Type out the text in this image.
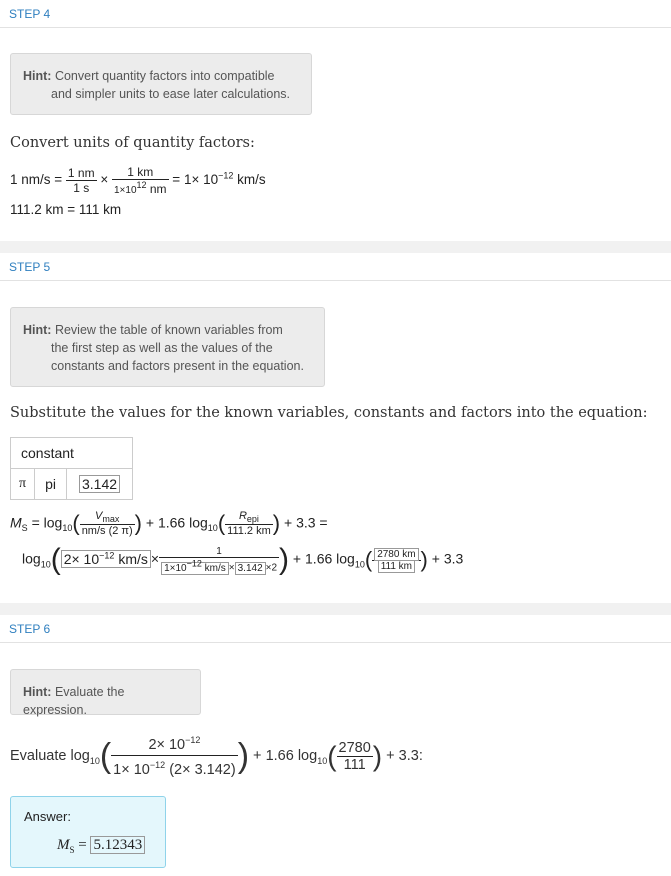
STEP 4
Hint: Convert quantity factors into compatible
and simpler units to ease later calculations.
Convert units of quantity factors:
1 $nm/s = \frac{1 nm}{1 s} \times \frac{1 km}{1\times 10^{12} nm} = 1\times 10^{-12}$ km/s
111.2 km = 111 km
STEP 5
Hint: Review the table of known variables from
the first step as well as the values of the
constants and factors present in the equation.
Substitute the values for the known variables, constants and factors into the equation:
constant
π	pi	3.142
$M_S = \log_{10}( \frac{V_{max}}{nm/s (2 \pi)}$ ) + 1.66 $\log_{10}( \frac{R_{epi}}{111.2 km}$ ) + 3.3 =
$\log_{10}$( $2\times 10^{-12}$ $km/s \times \frac{1}{1\times 10^{-12} km/s \times 3.142 \times 2}$ ) + 1.66 $\log_{10}( \frac{2780 km}{111 km}$ ) + 3.3
STEP 6
Hint: Evaluate the expression.
Evaluate $\log_{10}( \frac{2\times 10^{-12}}{1\times 10^{-12} (2\times 3.142)}$ ) + 1.66 $\log_{10}( \frac{2780}{111}$ ) + 3.3:
Answer:
$M_S = 5.12343$
